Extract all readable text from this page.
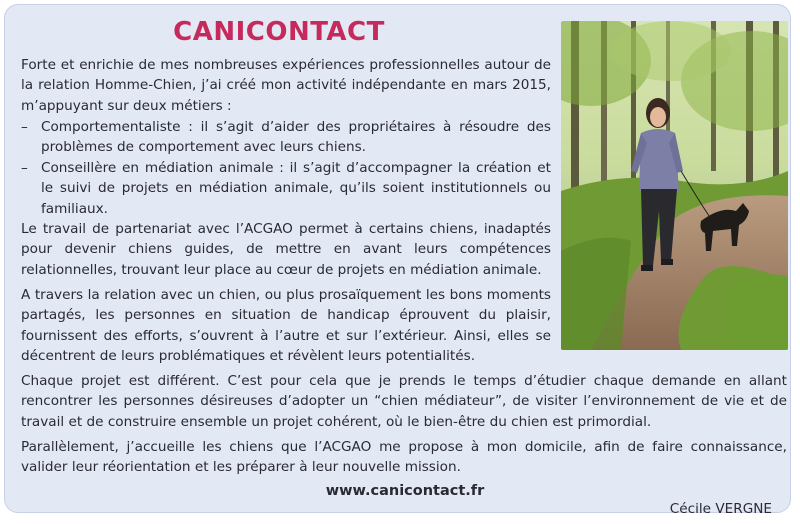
CANICONTACT

Forte et enrichie de mes nombreuses expériences professionnelles autour de la relation Homme-Chien, j’ai créé mon activité indépendante en mars 2015, m’appuyant sur deux métiers :

– Comportementaliste : il s’agit d’aider des propriétaires à résoudre des problèmes de comportement avec leurs chiens.
– Conseillère en médiation animale : il s’agit d’accompagner la création et le suivi de projets en médiation animale, qu’ils soient institutionnels ou familiaux.

Le travail de partenariat avec l’ACGAO permet à certains chiens, inadaptés pour devenir chiens guides, de mettre en avant leurs compétences relationnelles, trouvant leur place au cœur de projets en médiation animale.

A travers la relation avec un chien, ou plus prosaïquement les bons moments partagés, les personnes en situation de handicap éprouvent du plaisir, fournissent des efforts, s’ouvrent à l’autre et sur l’extérieur. Ainsi, elles se décentrent de leurs problématiques et révèlent leurs potentialités.

Chaque projet est différent. C’est pour cela que je prends le temps d’étudier chaque demande en allant rencontrer les personnes désireuses d’adopter un “chien médiateur”, de visiter l’environnement de vie et de travail et de construire ensemble un projet cohérent, où le bien-être du chien est primordial.

Parallèlement, j’accueille les chiens que l’ACGAO me propose à mon domicile, afin de faire connaissance, valider leur réorientation et les préparer à leur nouvelle mission.

www.canicontact.fr
Cécile VERGNE
